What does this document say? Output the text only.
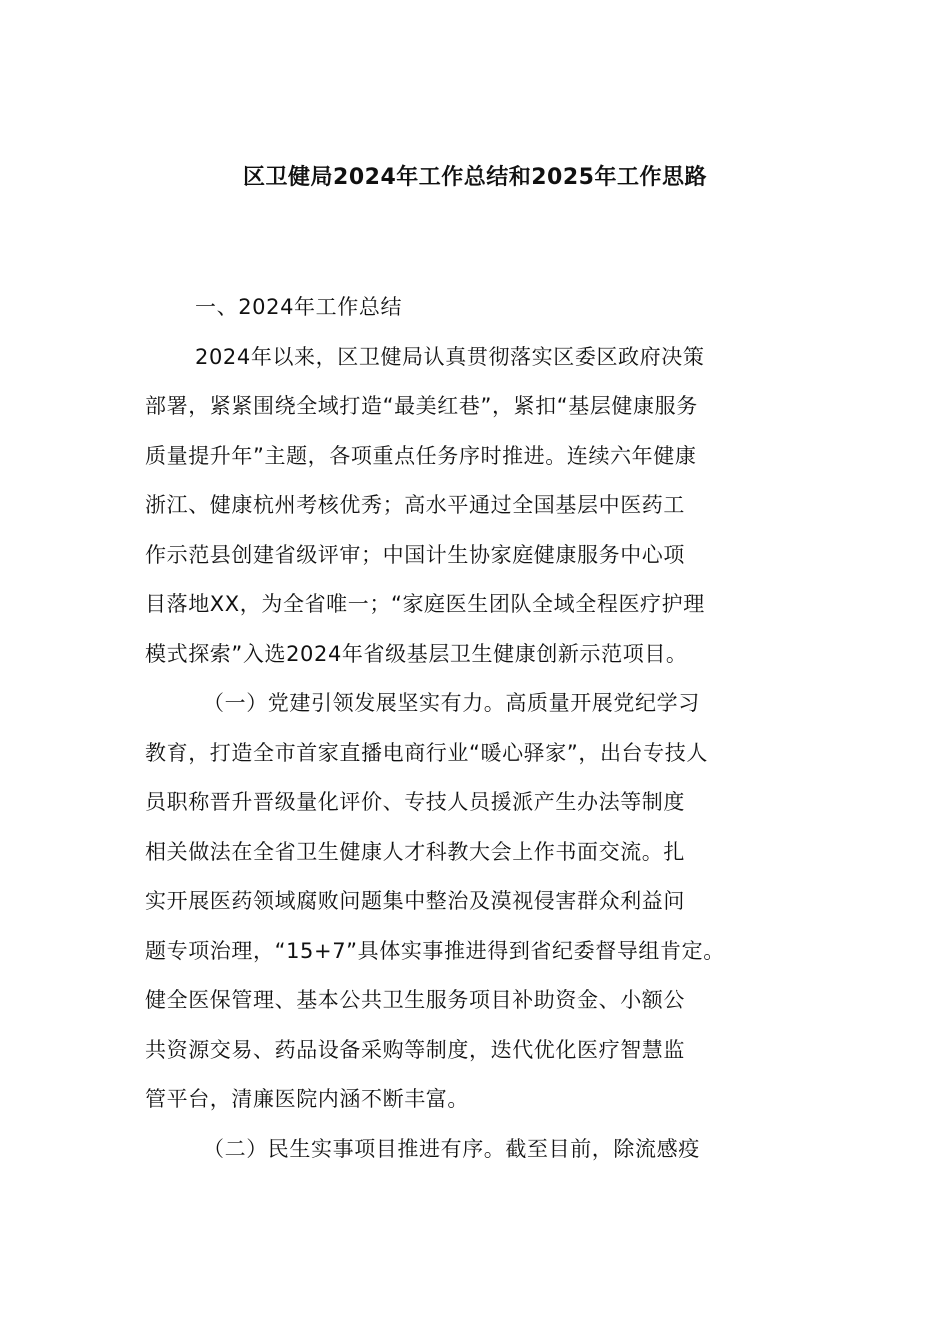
区卫健局2024年工作总结和2025年工作思路
一、2024年工作总结
2024年以来，区卫健局认真贯彻落实区委区政府决策
部署，紧紧围绕全域打造“最美红巷”，紧扣“基层健康服务
质量提升年”主题，各项重点任务序时推进。连续六年健康
浙江、健康杭州考核优秀；高水平通过全国基层中医药工
作示范县创建省级评审；中国计生协家庭健康服务中心项
目落地XX，为全省唯一；“家庭医生团队全域全程医疗护理
模式探索”入选2024年省级基层卫生健康创新示范项目。
（一）党建引领发展坚实有力。高质量开展党纪学习
教育，打造全市首家直播电商行业“暖心驿家”，出台专技人
员职称晋升晋级量化评价、专技人员援派产生办法等制度
相关做法在全省卫生健康人才科教大会上作书面交流。扎
实开展医药领域腐败问题集中整治及漠视侵害群众利益问
题专项治理，“15+7”具体实事推进得到省纪委督导组肯定。
健全医保管理、基本公共卫生服务项目补助资金、小额公
共资源交易、药品设备采购等制度，迭代优化医疗智慧监
管平台，清廉医院内涵不断丰富。
（二）民生实事项目推进有序。截至目前，除流感疫
